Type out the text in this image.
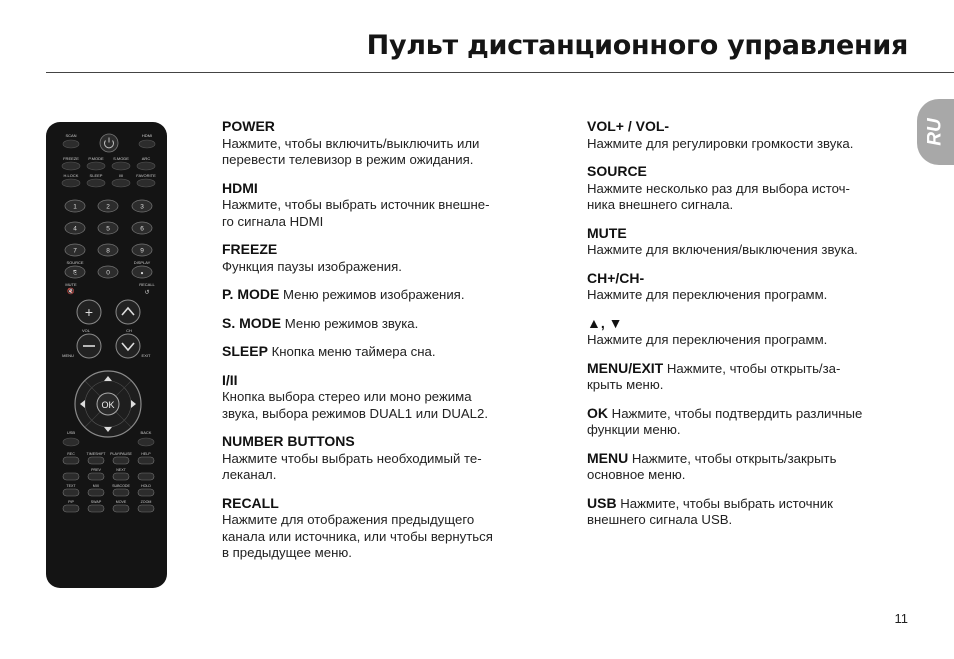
Пульт дистанционного управления
RU
SCAN	HDMI
FREEZE P.MODE S.MODE	ARC
H.LOCK	SLEEP	I/II	FAVORITE
1	2	3
4	5	6
7	8	9
0	●
⎘
SOURCE	DISPLAY
MUTE	RECALL
VOL	CH
MENU	EXIT
🔇	↺
+
OK
USB	BACK
REC	TIMESHIFT PLAY/PAUSE	HELP
PREV	NEXT
TEXT	MIX	SUBCODE	HOLD
PIP	SWAP	MOVE	ZOOM
POWER
Нажмите, чтобы включить/выключить или
перевести телевизор в режим ожидания.
HDMI
Нажмите, чтобы выбрать источник внешне-
го сигнала HDMI
FREEZE
Функция паузы изображения.
P. MODE Меню режимов изображения.
S. MODE Меню режимов звука.
SLEEP Кнопка меню таймера сна.
I/II
Кнопка выбора стерео или моно режима
звука, выбора режимов DUAL1 или DUAL2.
NUMBER BUTTONS
Нажмите чтобы выбрать необходимый те-
леканал.
RECALL
Нажмите для отображения предыдущего
канала или источника, или чтобы вернуться
в предыдущее меню.
VOL+ / VOL-
Нажмите для регулировки громкости звука.
SOURCE
Нажмите несколько раз для выбора источ-
ника внешнего сигнала.
MUTE
Нажмите для включения/выключения звука.
CH+/CH-
Нажмите для переключения программ.
▲, ▼
Нажмите для переключения программ.
MENU/EXIT Нажмите, чтобы открыть/за-
крыть меню.
OK Нажмите, чтобы подтвердить различные
функции меню.
MENU Нажмите, чтобы открыть/закрыть
основное меню.
USB Нажмите, чтобы выбрать источник
внешнего сигнала USB.
11
